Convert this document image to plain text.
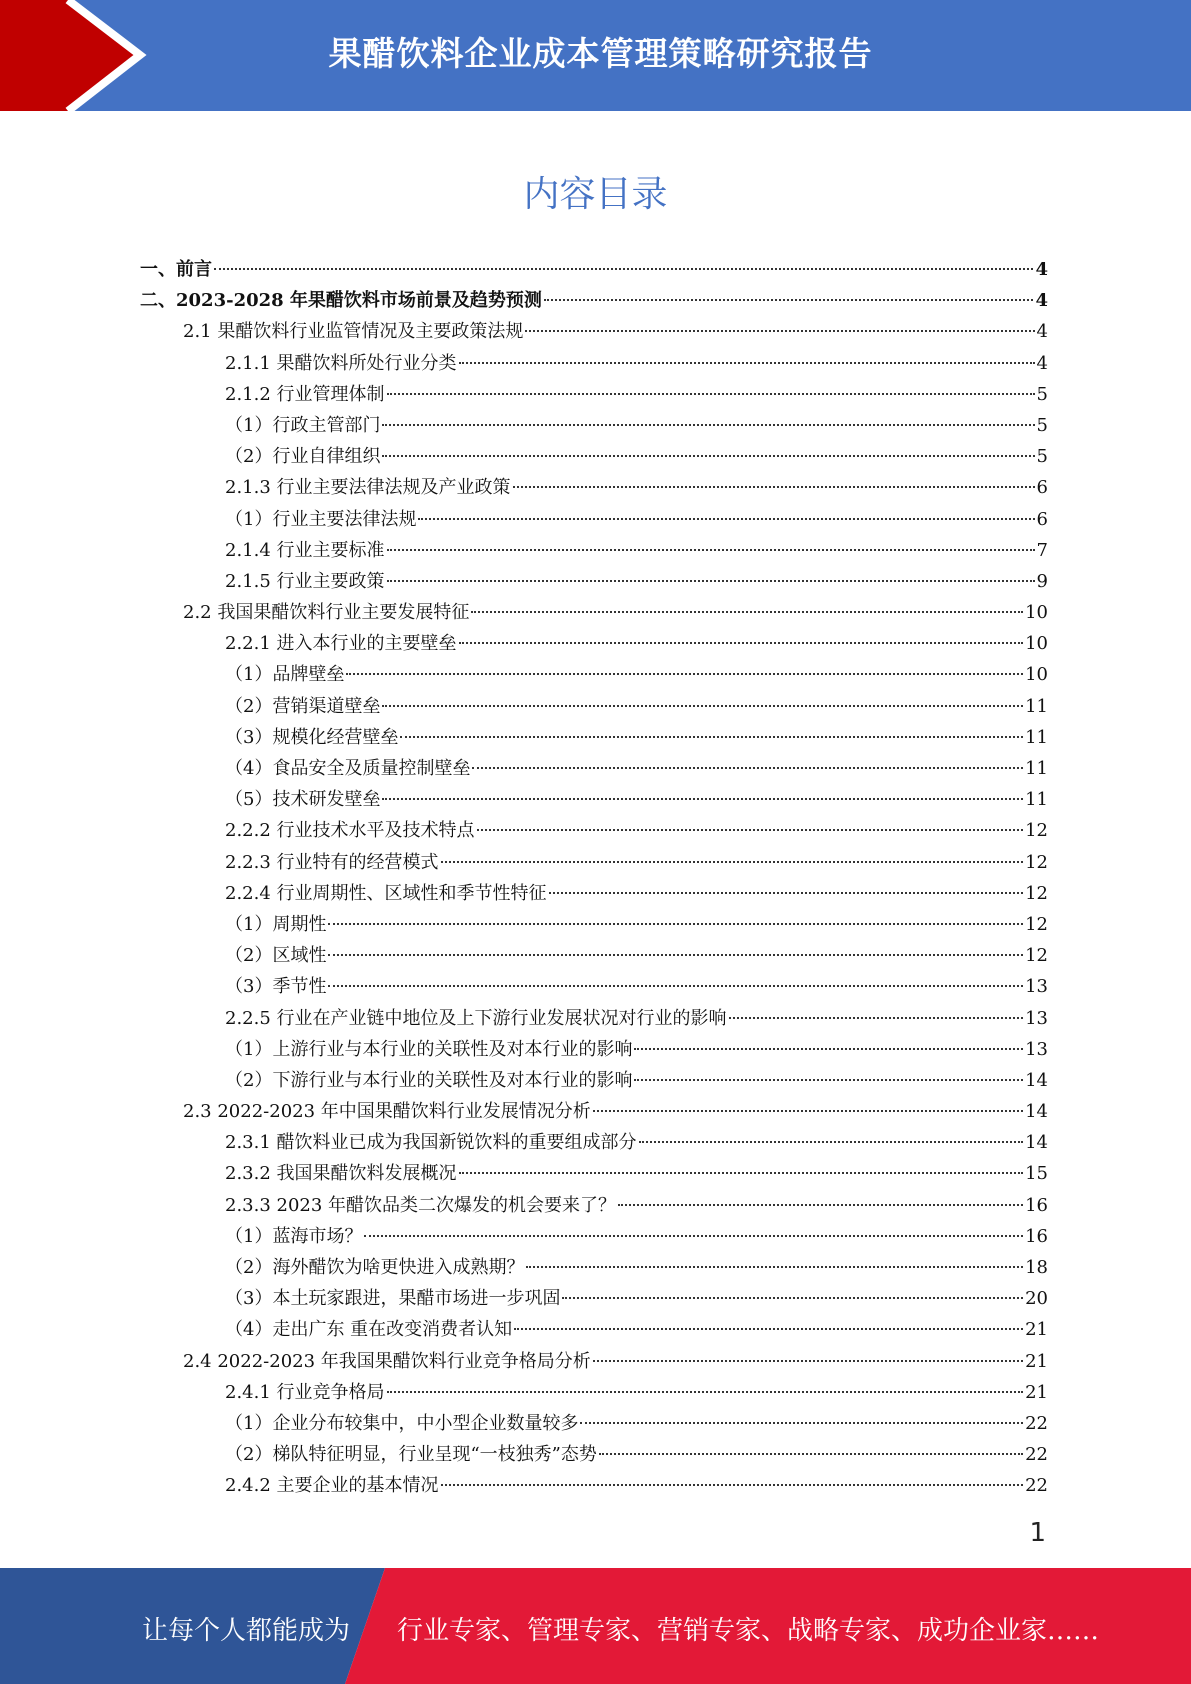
果醋饮料企业成本管理策略研究报告
内容目录
一、前言	4
二、2023-2028 年果醋饮料市场前景及趋势预测	4
2.1 果醋饮料行业监管情况及主要政策法规	4
2.1.1 果醋饮料所处行业分类	4
2.1.2 行业管理体制	5
（1）行政主管部门	5
（2）行业自律组织	5
2.1.3 行业主要法律法规及产业政策	6
（1）行业主要法律法规	6
2.1.4 行业主要标准	7
2.1.5 行业主要政策	9
2.2 我国果醋饮料行业主要发展特征	10
2.2.1 进入本行业的主要壁垒	10
（1）品牌壁垒	10
（2）营销渠道壁垒	11
（3）规模化经营壁垒	11
（4）食品安全及质量控制壁垒	11
（5）技术研发壁垒	11
2.2.2 行业技术水平及技术特点	12
2.2.3 行业特有的经营模式	12
2.2.4 行业周期性、区域性和季节性特征	12
（1）周期性	12
（2）区域性	12
（3）季节性	13
2.2.5 行业在产业链中地位及上下游行业发展状况对行业的影响	13
（1）上游行业与本行业的关联性及对本行业的影响	13
（2）下游行业与本行业的关联性及对本行业的影响	14
2.3 2022-2023 年中国果醋饮料行业发展情况分析	14
2.3.1 醋饮料业已成为我国新锐饮料的重要组成部分	14
2.3.2 我国果醋饮料发展概况	15
2.3.3 2023 年醋饮品类二次爆发的机会要来了？	16
（1）蓝海市场？	16
（2）海外醋饮为啥更快进入成熟期？	18
（3）本土玩家跟进，果醋市场进一步巩固	20
（4）走出广东 重在改变消费者认知	21
2.4 2022-2023 年我国果醋饮料行业竞争格局分析	21
2.4.1 行业竞争格局	21
（1）企业分布较集中，中小型企业数量较多	22
（2）梯队特征明显，行业呈现“一枝独秀”态势	22
2.4.2 主要企业的基本情况	22
1
让每个人都能成为 行业专家、管理专家、营销专家、战略专家、成功企业家……
